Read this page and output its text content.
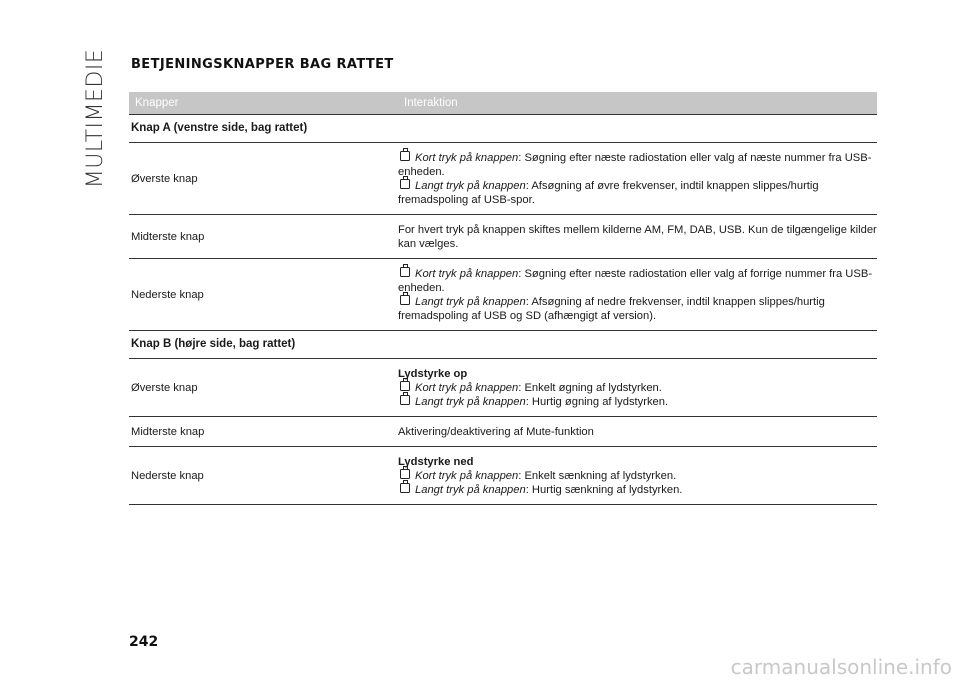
MULTIMEDIE BETJENINGSKNAPPER BAG RATTET
Knapper	Interaktion
Knap A (venstre side, bag rattet)
Øverste knap
Kort tryk på knappen: Søgning efter næste radiostation eller valg af næste nummer fra USB-enheden.
Langt tryk på knappen: Afsøgning af øvre frekvenser, indtil knappen slippes/hurtig fremadspoling af USB-spor.
Midterste knap
For hvert tryk på knappen skiftes mellem kilderne AM, FM, DAB, USB. Kun de tilgængelige kilder kan vælges.
Nederste knap
Kort tryk på knappen: Søgning efter næste radiostation eller valg af forrige nummer fra USB-enheden.
Langt tryk på knappen: Afsøgning af nedre frekvenser, indtil knappen slippes/hurtig fremadspoling af USB og SD (afhængigt af version).
Knap B (højre side, bag rattet)
Øverste knap
Lydstyrke op
Kort tryk på knappen: Enkelt øgning af lydstyrken.
Langt tryk på knappen: Hurtig øgning af lydstyrken.
Midterste knap	Aktivering/deaktivering af Mute-funktion
Nederste knap
Lydstyrke ned
Kort tryk på knappen: Enkelt sænkning af lydstyrken.
Langt tryk på knappen: Hurtig sænkning af lydstyrken.
242
carmanualsonline.info
